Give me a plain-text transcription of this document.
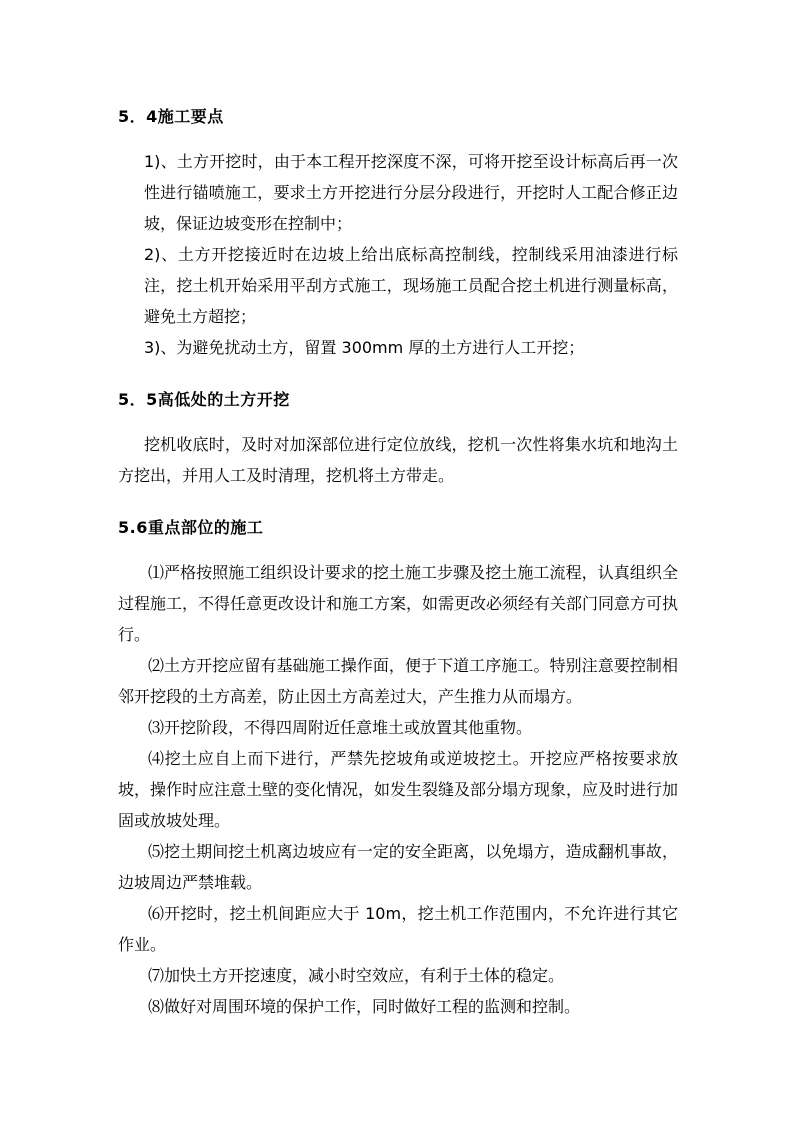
5．4施工要点

1)、土方开挖时，由于本工程开挖深度不深，可将开挖至设计标高后再一次性进行锚喷施工，要求土方开挖进行分层分段进行，开挖时人工配合修正边坡，保证边坡变形在控制中；

2)、土方开挖接近时在边坡上给出底标高控制线，控制线采用油漆进行标注，挖土机开始采用平刮方式施工，现场施工员配合挖土机进行测量标高，避免土方超挖；

3)、为避免扰动土方，留置 300mm 厚的土方进行人工开挖；

5．5高低处的土方开挖

挖机收底时，及时对加深部位进行定位放线，挖机一次性将集水坑和地沟土方挖出，并用人工及时清理，挖机将土方带走。

5.6重点部位的施工

⑴严格按照施工组织设计要求的挖土施工步骤及挖土施工流程，认真组织全过程施工，不得任意更改设计和施工方案，如需更改必须经有关部门同意方可执行。

⑵土方开挖应留有基础施工操作面，便于下道工序施工。特别注意要控制相邻开挖段的土方高差，防止因土方高差过大，产生推力从而塌方。

⑶开挖阶段，不得四周附近任意堆土或放置其他重物。

⑷挖土应自上而下进行，严禁先挖坡角或逆坡挖土。开挖应严格按要求放坡，操作时应注意土壁的变化情况，如发生裂缝及部分塌方现象，应及时进行加固或放坡处理。

⑸挖土期间挖土机离边坡应有一定的安全距离，以免塌方，造成翻机事故，边坡周边严禁堆载。

⑹开挖时，挖土机间距应大于 10m，挖土机工作范围内，不允许进行其它作业。

⑺加快土方开挖速度，减小时空效应，有利于土体的稳定。

⑻做好对周围环境的保护工作，同时做好工程的监测和控制。
